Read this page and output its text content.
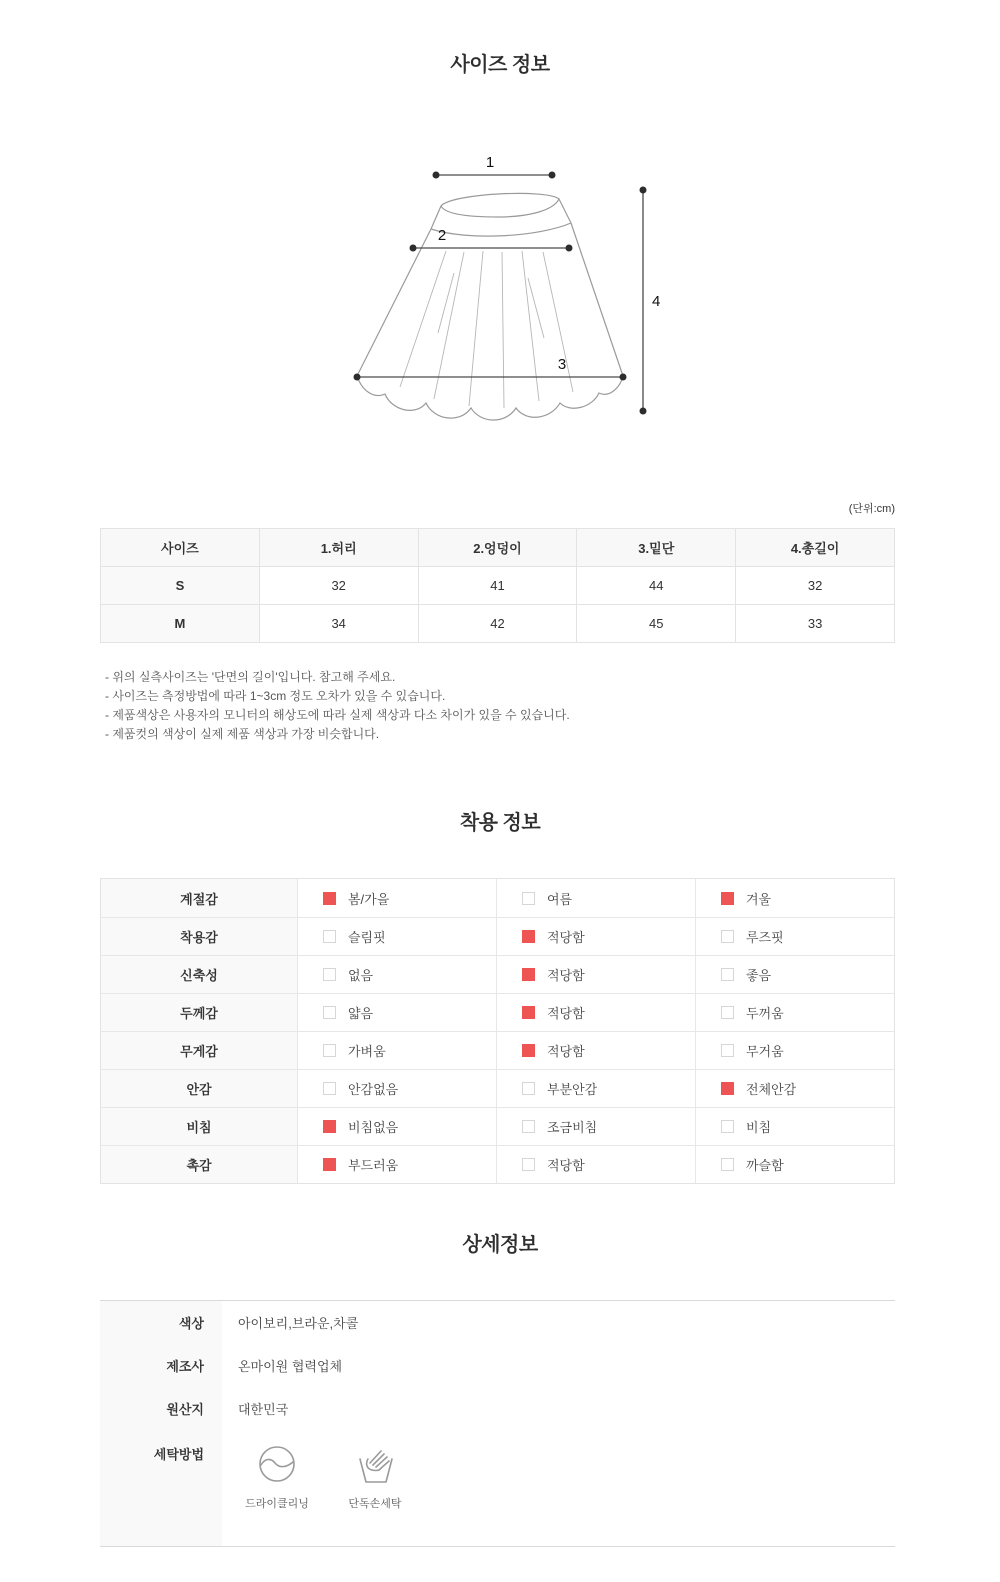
사이즈 정보
1
2
3
4
(단위:cm)
사이즈	1.허리	2.엉덩이	3.밑단	4.총길이
S	32	41	44	32
M	34	42	45	33
- 위의 실측사이즈는 '단면의 길이'입니다. 참고해 주세요.
- 사이즈는 측정방법에 따라 1~3cm 정도 오차가 있을 수 있습니다.
- 제품색상은 사용자의 모니터의 해상도에 따라 실제 색상과 다소 차이가 있을 수 있습니다.
- 제품컷의 색상이 실제 제품 색상과 가장 비슷합니다.
착용 정보
계절감	봄/가을	여름	겨울
착용감	슬림핏	적당함	루즈핏
신축성	없음	적당함	좋음
두께감	얇음	적당함	두꺼움
무게감	가벼움	적당함	무거움
안감	안감없음	부분안감	전체안감
비침	비침없음	조금비침	비침
촉감	부드러움	적당함	까슬함
상세정보
색상	아이보리,브라운,차콜
제조사	온마이원 협력업체
원산지	대한민국
세탁방법
드라이클리닝	단독손세탁
